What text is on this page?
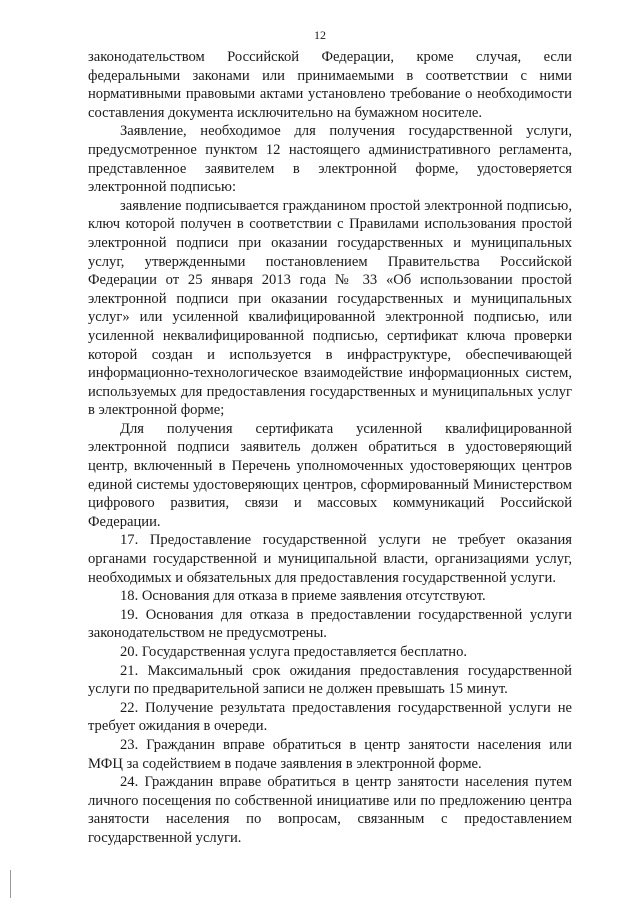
12

законодательством Российской Федерации, кроме случая, если федеральными законами или принимаемыми в соответствии с ними нормативными правовыми актами установлено требование о необходимости составления документа исключительно на бумажном носителе.

Заявление, необходимое для получения государственной услуги, предусмотренное пунктом 12 настоящего административного регламента, представленное заявителем в электронной форме, удостоверяется электронной подписью:

заявление подписывается гражданином простой электронной подписью, ключ которой получен в соответствии с Правилами использования простой электронной подписи при оказании государственных и муниципальных услуг, утвержденными постановлением Правительства Российской Федерации от 25 января 2013 года № 33 «Об использовании простой электронной подписи при оказании государственных и муниципальных услуг» или усиленной квалифицированной электронной подписью, или усиленной неквалифицированной подписью, сертификат ключа проверки которой создан и используется в инфраструктуре, обеспечивающей информационно-технологическое взаимодействие информационных систем, используемых для предоставления государственных и муниципальных услуг в электронной форме;

Для получения сертификата усиленной квалифицированной электронной подписи заявитель должен обратиться в удостоверяющий центр, включенный в Перечень уполномоченных удостоверяющих центров единой системы удостоверяющих центров, сформированный Министерством цифрового развития, связи и массовых коммуникаций Российской Федерации.

17. Предоставление государственной услуги не требует оказания органами государственной и муниципальной власти, организациями услуг, необходимых и обязательных для предоставления государственной услуги.

18. Основания для отказа в приеме заявления отсутствуют.

19. Основания для отказа в предоставлении государственной услуги законодательством не предусмотрены.

20. Государственная услуга предоставляется бесплатно.

21. Максимальный срок ожидания предоставления государственной услуги по предварительной записи не должен превышать 15 минут.

22. Получение результата предоставления государственной услуги не требует ожидания в очереди.

23. Гражданин вправе обратиться в центр занятости населения или МФЦ за содействием в подаче заявления в электронной форме.

24. Гражданин вправе обратиться в центр занятости населения путем личного посещения по собственной инициативе или по предложению центра занятости населения по вопросам, связанным с предоставлением государственной услуги.
